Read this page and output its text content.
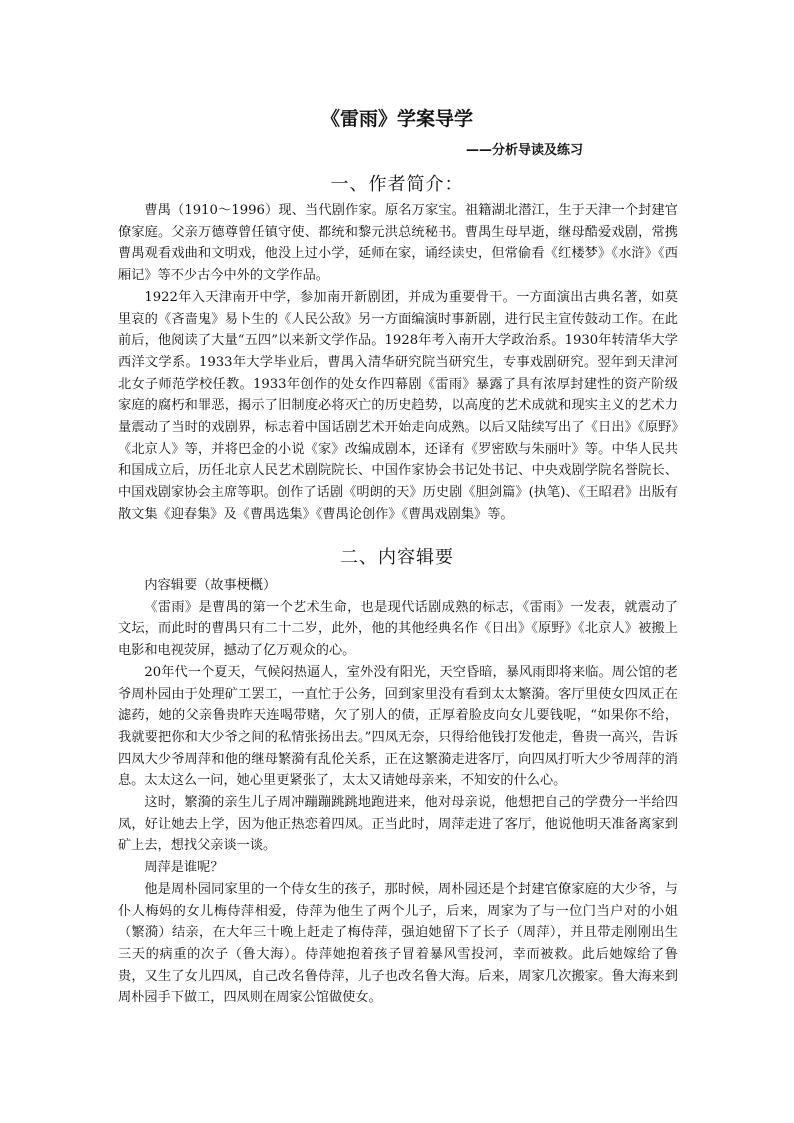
《雷雨》学案导学
——分析导读及练习
一、作者简介：

曹禺（1910～1996）现、当代剧作家。原名万家宝。祖籍湖北潜江，生于天津一个封建官僚家庭。父亲万德尊曾任镇守使、都统和黎元洪总统秘书。曹禺生母早逝，继母酷爱戏剧，常携曹禺观看戏曲和文明戏，他没上过小学，延师在家，诵经读史，但常偷看《红楼梦》《水浒》《西厢记》等不少古今中外的文学作品。

1922年入天津南开中学，参加南开新剧团，并成为重要骨干。一方面演出古典名著，如莫里哀的《吝啬鬼》易卜生的《人民公敌》另一方面编演时事新剧，进行民主宣传鼓动工作。在此前后，他阅读了大量“五四”以来新文学作品。1928年考入南开大学政治系。1930年转清华大学西洋文学系。1933年大学毕业后，曹禺入清华研究院当研究生，专事戏剧研究。翌年到天津河北女子师范学校任教。1933年创作的处女作四幕剧《雷雨》暴露了具有浓厚封建性的资产阶级家庭的腐朽和罪恶，揭示了旧制度必将灭亡的历史趋势，以高度的艺术成就和现实主义的艺术力量震动了当时的戏剧界，标志着中国话剧艺术开始走向成熟。以后又陆续写出了《日出》《原野》《北京人》等，并将巴金的小说《家》改编成剧本，还译有《罗密欧与朱丽叶》等。中华人民共和国成立后，历任北京人民艺术剧院院长、中国作家协会书记处书记、中央戏剧学院名誉院长、中国戏剧家协会主席等职。创作了话剧《明朗的天》历史剧《胆剑篇》(执笔)、《王昭君》出版有散文集《迎春集》及《曹禺选集》《曹禺论创作》《曹禺戏剧集》等。

二、内容辑要

内容辑要（故事梗概）

《雷雨》是曹禺的第一个艺术生命，也是现代话剧成熟的标志，《雷雨》一发表，就震动了文坛，而此时的曹禺只有二十二岁，此外，他的其他经典名作《日出》《原野》《北京人》被搬上电影和电视荧屏，撼动了亿万观众的心。

20年代一个夏天，气候闷热逼人，室外没有阳光，天空昏暗，暴风雨即将来临。周公馆的老爷周朴园由于处理矿工罢工，一直忙于公务，回到家里没有看到太太繁漪。客厅里使女四凤正在滤药，她的父亲鲁贵昨天连喝带赌，欠了别人的债，正厚着脸皮向女儿要钱呢，“如果你不给，我就要把你和大少爷之间的私情张扬出去。”四凤无奈，只得给他钱打发他走，鲁贵一高兴，告诉四凤大少爷周萍和他的继母繁漪有乱伦关系，正在这繁漪走进客厅，向四凤打听大少爷周萍的消息。太太这么一问，她心里更紧张了，太太又请她母亲来，不知安的什么心。

这时，繁漪的亲生儿子周冲蹦蹦跳跳地跑进来，他对母亲说，他想把自己的学费分一半给四凤，好让她去上学，因为他正热恋着四凤。正当此时，周萍走进了客厅，他说他明天准备离家到矿上去，想找父亲谈一谈。

周萍是谁呢？

他是周朴园同家里的一个侍女生的孩子，那时候，周朴园还是个封建官僚家庭的大少爷，与仆人梅妈的女儿梅侍萍相爱，侍萍为他生了两个儿子，后来，周家为了与一位门当户对的小姐（繁漪）结亲，在大年三十晚上赶走了梅侍萍，强迫她留下了长子（周萍），并且带走刚刚出生三天的病重的次子（鲁大海）。侍萍她抱着孩子冒着暴风雪投河，幸而被救。此后她嫁给了鲁贵，又生了女儿四凤，自己改名鲁侍萍，儿子也改名鲁大海。后来，周家几次搬家。鲁大海来到周朴园手下做工，四凤则在周家公馆做使女。
